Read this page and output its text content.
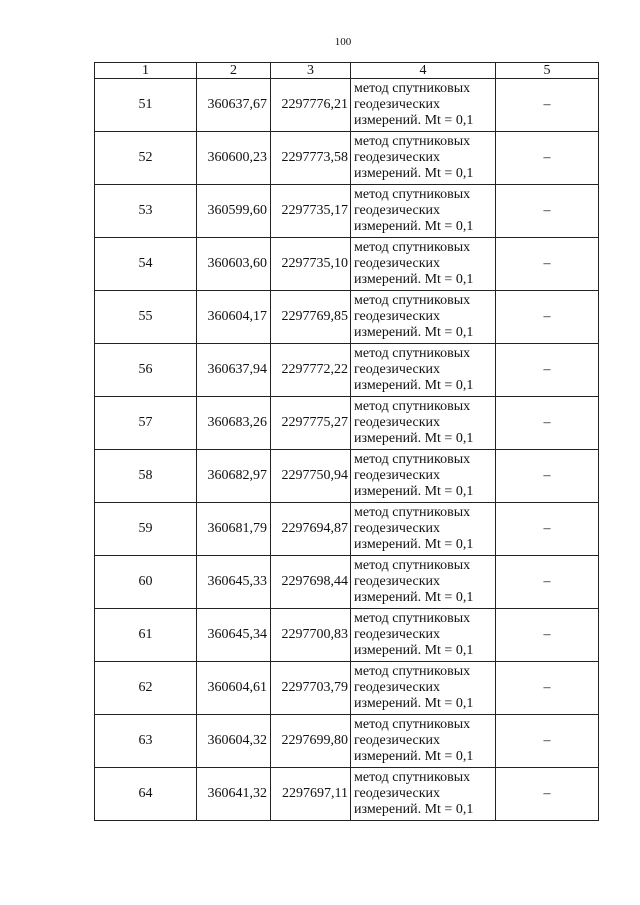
100
1	2	3	4	5
51	360637,67	2297776,21	метод спутниковых
геодезических
измерений. Mt = 0,1	–
52	360600,23	2297773,58	метод спутниковых
геодезических
измерений. Mt = 0,1	–
53	360599,60	2297735,17	метод спутниковых
геодезических
измерений. Mt = 0,1	–
54	360603,60	2297735,10	метод спутниковых
геодезических
измерений. Mt = 0,1	–
55	360604,17	2297769,85	метод спутниковых
геодезических
измерений. Mt = 0,1	–
56	360637,94	2297772,22	метод спутниковых
геодезических
измерений. Mt = 0,1	–
57	360683,26	2297775,27	метод спутниковых
геодезических
измерений. Mt = 0,1	–
58	360682,97	2297750,94	метод спутниковых
геодезических
измерений. Mt = 0,1	–
59	360681,79	2297694,87	метод спутниковых
геодезических
измерений. Mt = 0,1	–
60	360645,33	2297698,44	метод спутниковых
геодезических
измерений. Mt = 0,1	–
61	360645,34	2297700,83	метод спутниковых
геодезических
измерений. Mt = 0,1	–
62	360604,61	2297703,79	метод спутниковых
геодезических
измерений. Mt = 0,1	–
63	360604,32	2297699,80	метод спутниковых
геодезических
измерений. Mt = 0,1	–
64	360641,32	2297697,11	метод спутниковых
геодезических
измерений. Mt = 0,1	–
